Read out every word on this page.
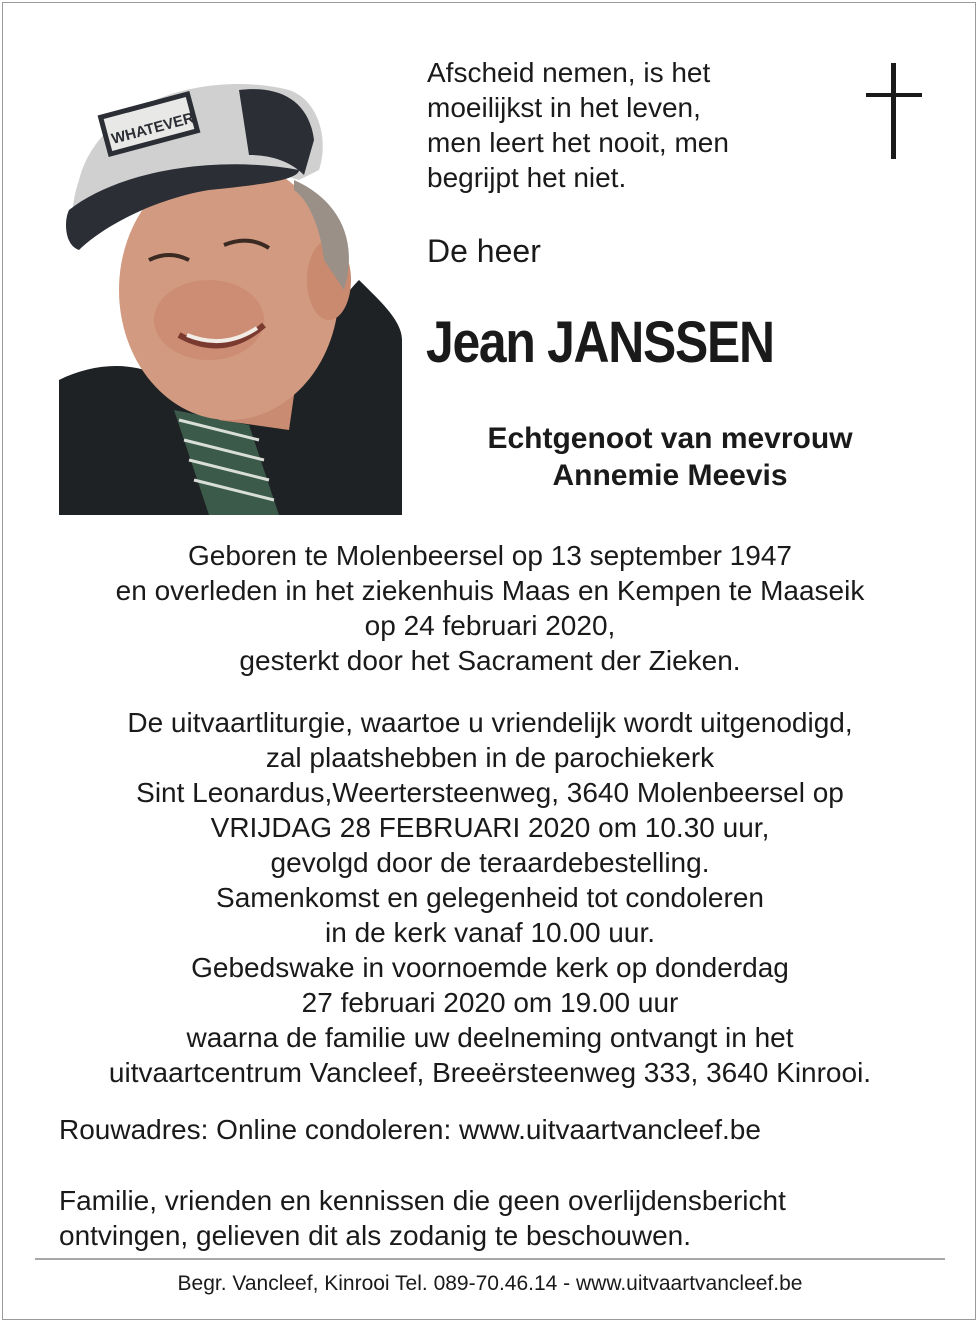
WHATEVER
Afscheid nemen, is het
moeilijkst in het leven,
men leert het nooit, men
begrijpt het niet.
De heer
Jean JANSSEN
Echtgenoot van mevrouw
Annemie Meevis
Geboren te Molenbeersel op 13 september 1947
en overleden in het ziekenhuis Maas en Kempen te Maaseik
op 24 februari 2020,
gesterkt door het Sacrament der Zieken.
De uitvaartliturgie, waartoe u vriendelijk wordt uitgenodigd,
zal plaatshebben in de parochiekerk
Sint Leonardus,Weertersteenweg, 3640 Molenbeersel op
VRIJDAG 28 FEBRUARI 2020 om 10.30 uur,
gevolgd door de teraardebestelling.
Samenkomst en gelegenheid tot condoleren
in de kerk vanaf 10.00 uur.
Gebedswake in voornoemde kerk op donderdag
27 februari 2020 om 19.00 uur
waarna de familie uw deelneming ontvangt in het
uitvaartcentrum Vancleef, Breeërsteenweg 333, 3640 Kinrooi.
Rouwadres: Online condoleren: www.uitvaartvancleef.be
Familie, vrienden en kennissen die geen overlijdensbericht
ontvingen, gelieven dit als zodanig te beschouwen.
Begr. Vancleef, Kinrooi Tel. 089-70.46.14 - www.uitvaartvancleef.be
